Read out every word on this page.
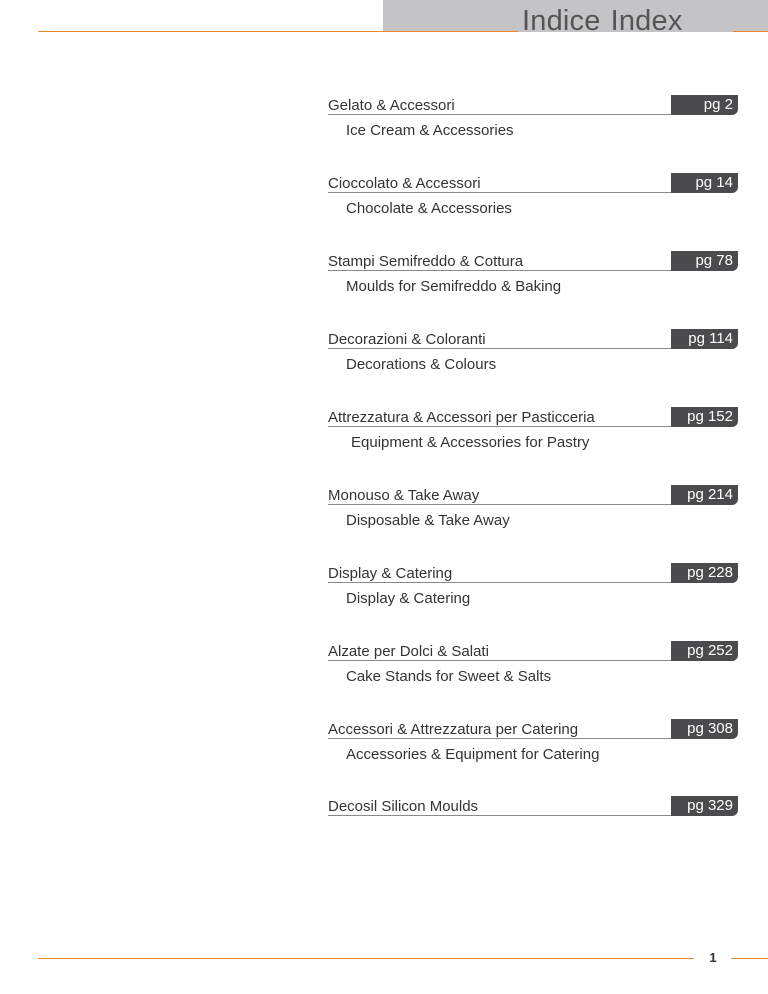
Indice Index
Gelato & Accessori
Ice Cream & Accessories
pg 2
Cioccolato & Accessori
Chocolate & Accessories
pg 14
Stampi Semifreddo & Cottura
Moulds for Semifreddo & Baking
pg 78
Decorazioni & Coloranti
Decorations & Colours
pg 114
Attrezzatura & Accessori per Pasticceria
Equipment & Accessories for Pastry
pg 152
Monouso & Take Away
Disposable & Take Away
pg 214
Display & Catering
Display & Catering
pg 228
Alzate per Dolci & Salati
Cake Stands for Sweet & Salts
pg 252
Accessori & Attrezzatura per Catering
Accessories & Equipment for Catering
pg 308
Decosil Silicon Moulds	pg 329
1
